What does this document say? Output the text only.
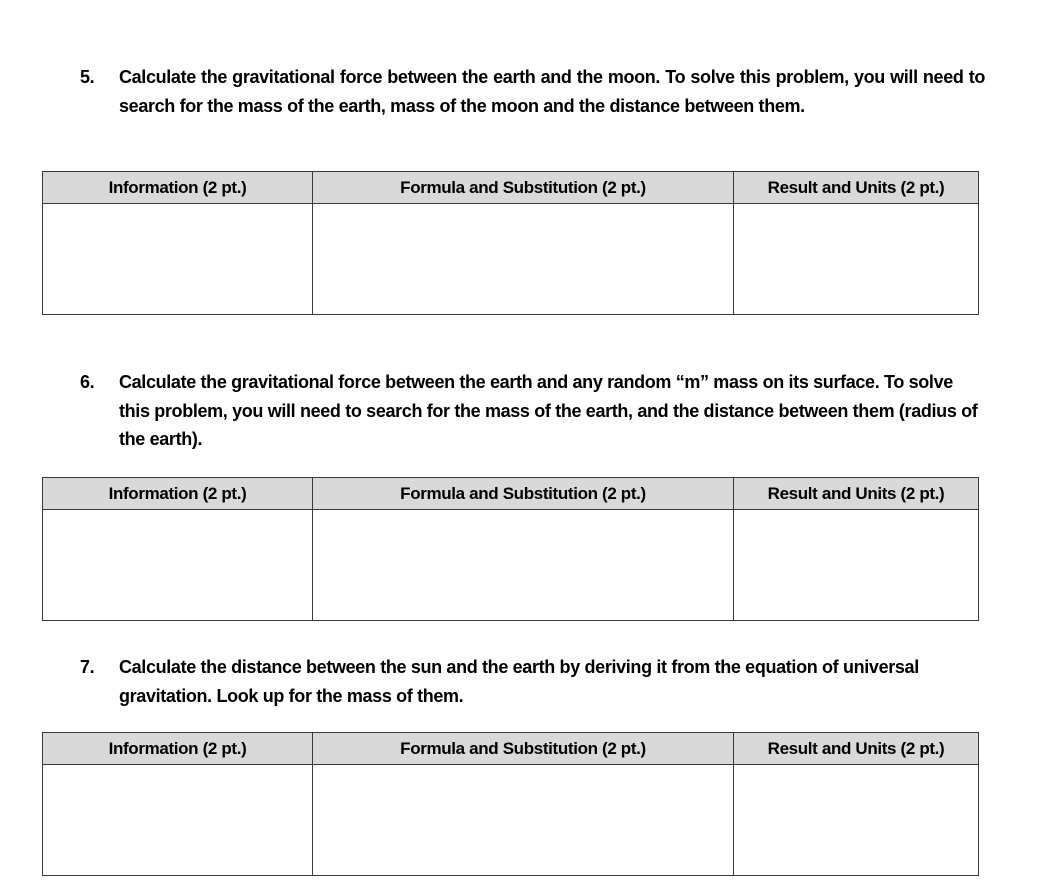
5. Calculate the gravitational force between the earth and the moon. To solve this problem, you will need to search for the mass of the earth, mass of the moon and the distance between them.
Information (2 pt.)	Formula and Substitution (2 pt.)	Result and Units (2 pt.)

6. Calculate the gravitational force between the earth and any random “m” mass on its surface. To solve this problem, you will need to search for the mass of the earth, and the distance between them (radius of the earth).
Information (2 pt.)	Formula and Substitution (2 pt.)	Result and Units (2 pt.)

7. Calculate the distance between the sun and the earth by deriving it from the equation of universal gravitation. Look up for the mass of them.
Information (2 pt.)	Formula and Substitution (2 pt.)	Result and Units (2 pt.)
